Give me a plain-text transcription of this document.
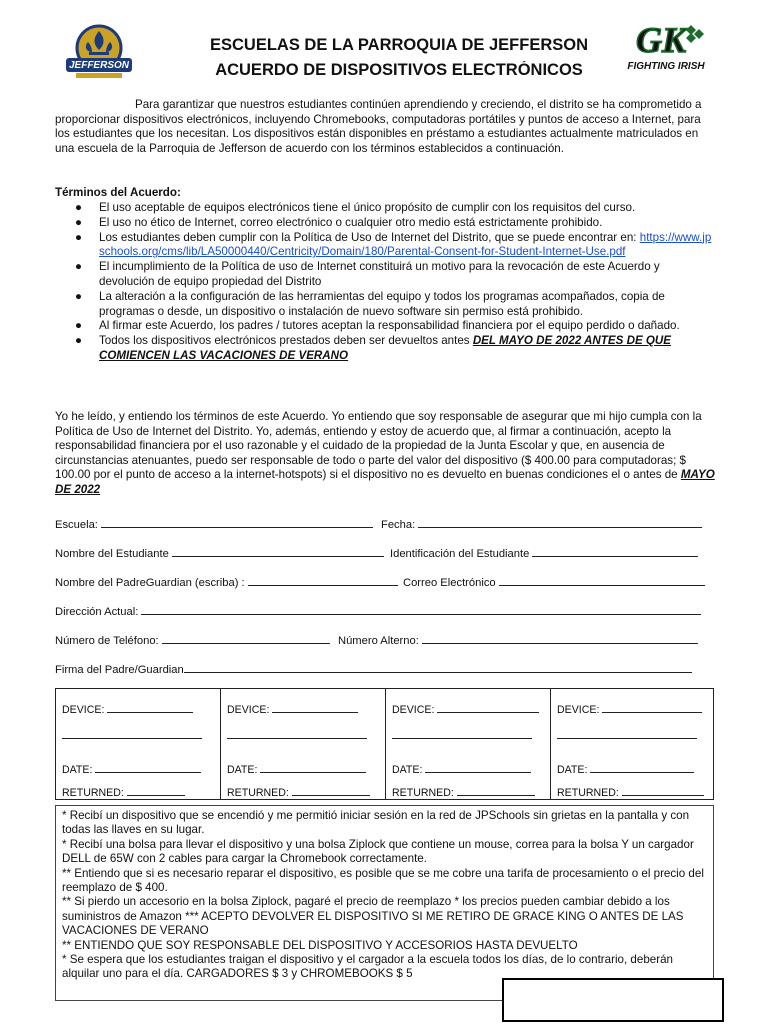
JEFFERSON
GK
FIGHTING IRISH
ESCUELAS DE LA PARROQUIA DE JEFFERSON
ACUERDO DE DISPOSITIVOS ELECTRÓNICOS
Para garantizar que nuestros estudiantes continúen aprendiendo y creciendo, el distrito se ha comprometido a proporcionar dispositivos electrónicos, incluyendo Chromebooks, computadoras portátiles y puntos de acceso a Internet, para los estudiantes que los necesitan. Los dispositivos están disponibles en préstamo a estudiantes actualmente matriculados en una escuela de la Parroquia de Jefferson de acuerdo con los términos establecidos a continuación.
Términos del Acuerdo:
● El uso aceptable de equipos electrónicos tiene el único propósito de cumplir con los requisitos del curso.
● El uso no ético de Internet, correo electrónico o cualquier otro medio está estrictamente prohibido.
● Los estudiantes deben cumplir con la Política de Uso de Internet del Distrito, que se puede encontrar en: https://www.jpschools.org/cms/lib/LA50000440/Centricity/Domain/180/Parental-Consent-for-Student-Internet-Use.pdf
● El incumplimiento de la Política de uso de Internet constituirá un motivo para la revocación de este Acuerdo y devolución de equipo propiedad del Distrito
● La alteración a la configuración de las herramientas del equipo y todos los programas acompañados, copia de programas o desde, un dispositivo o instalación de nuevo software sin permiso está prohibido.
● Al firmar este Acuerdo, los padres / tutores aceptan la responsabilidad financiera por el equipo perdido o dañado.
● Todos los dispositivos electrónicos prestados deben ser devueltos antes DEL MAYO DE 2022 ANTES DE QUE COMIENCEN LAS VACACIONES DE VERANO
Yo he leído, y entiendo los términos de este Acuerdo. Yo entiendo que soy responsable de asegurar que mi hijo cumpla con la Política de Uso de Internet del Distrito. Yo, además, entiendo y estoy de acuerdo que, al firmar a continuación, acepto la responsabilidad financiera por el uso razonable y el cuidado de la propiedad de la Junta Escolar y que, en ausencia de circunstancias atenuantes, puedo ser responsable de todo o parte del valor del dispositivo ($ 400.00 para computadoras; $ 100.00 por el punto de acceso a la internet-hotspots) si el dispositivo no es devuelto en buenas condiciones el o antes de MAYO DE 2022
Escuela:	Fecha:
Nombre del Estudiante	Identificación del Estudiante
Nombre del PadreGuardian (escriba) :	Correo Electrónico
Dirección Actual:
Número de Teléfono:	Número Alterno:
Firma del Padre/Guardian
DEVICE:
DATE:
RETURNED:
DEVICE:
DATE:
RETURNED:
DEVICE:
DATE:
RETURNED:
DEVICE:
DATE:
RETURNED:
* Recibí un dispositivo que se encendió y me permitió iniciar sesión en la red de JPSchools sin grietas en la pantalla y con todas las llaves en su lugar.
* Recibí una bolsa para llevar el dispositivo y una bolsa Ziplock que contiene un mouse, correa para la bolsa Y un cargador DELL de 65W con 2 cables para cargar la Chromebook correctamente.
** Entiendo que si es necesario reparar el dispositivo, es posible que se me cobre una tarifa de procesamiento o el precio del reemplazo de $ 400.
** Si pierdo un accesorio en la bolsa Ziplock, pagaré el precio de reemplazo * los precios pueden cambiar debido a los suministros de Amazon *** ACEPTO DEVOLVER EL DISPOSITIVO SI ME RETIRO DE GRACE KING O ANTES DE LAS VACACIONES DE VERANO
** ENTIENDO QUE SOY RESPONSABLE DEL DISPOSITIVO Y ACCESORIOS HASTA DEVUELTO
* Se espera que los estudiantes traigan el dispositivo y el cargador a la escuela todos los días, de lo contrario, deberán alquilar uno para el día. CARGADORES $ 3 y CHROMEBOOKS $ 5
